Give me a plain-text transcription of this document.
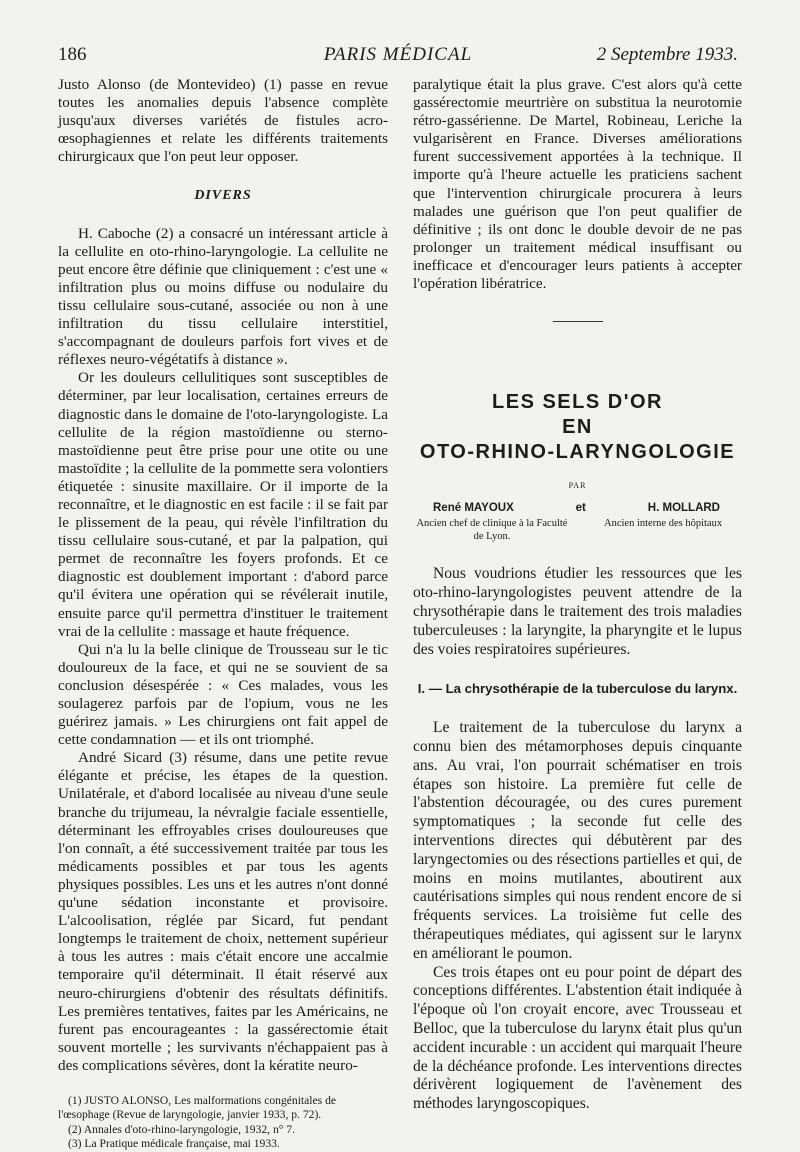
186	PARIS MÉDICAL	2 Septembre 1933.

Justo Alonso (de Montevideo) (1) passe en revue toutes les anomalies depuis l'absence complète jusqu'aux diverses variétés de fistules acro-œsophagiennes et relate les différents traitements chirurgicaux que l'on peut leur opposer.

DIVERS

H. Caboche (2) a consacré un intéressant article à la cellulite en oto-rhino-laryngologie. La cellulite ne peut encore être définie que cliniquement : c'est une « infiltration plus ou moins diffuse ou nodulaire du tissu cellulaire sous-cutané, associée ou non à une infiltration du tissu cellulaire interstitiel, s'accompagnant de douleurs parfois fort vives et de réflexes neuro-végétatifs à distance ».

Or les douleurs cellulitiques sont susceptibles de déterminer, par leur localisation, certaines erreurs de diagnostic dans le domaine de l'oto-laryngologiste. La cellulite de la région mastoïdienne ou sterno-mastoïdienne peut être prise pour une otite ou une mastoïdite ; la cellulite de la pommette sera volontiers étiquetée : sinusite maxillaire. Or il importe de la reconnaître, et le diagnostic en est facile : il se fait par le plissement de la peau, qui révèle l'infiltration du tissu cellulaire sous-cutané, et par la palpation, qui permet de reconnaître les foyers profonds. Et ce diagnostic est doublement important : d'abord parce qu'il évitera une opération qui se révélerait inutile, ensuite parce qu'il permettra d'instituer le traitement vrai de la cellulite : massage et haute fréquence.

Qui n'a lu la belle clinique de Trousseau sur le tic douloureux de la face, et qui ne se souvient de sa conclusion désespérée : « Ces malades, vous les soulagerez parfois par de l'opium, vous ne les guérirez jamais. » Les chirurgiens ont fait appel de cette condamnation — et ils ont triomphé.

André Sicard (3) résume, dans une petite revue élégante et précise, les étapes de la question. Unilatérale, et d'abord localisée au niveau d'une seule branche du trijumeau, la névralgie faciale essentielle, déterminant les effroyables crises douloureuses que l'on connaît, a été successivement traitée par tous les médicaments possibles et par tous les agents physiques possibles. Les uns et les autres n'ont donné qu'une sédation inconstante et provisoire. L'alcoolisation, réglée par Sicard, fut pendant longtemps le traitement de choix, nettement supérieur à tous les autres : mais c'était encore une accalmie temporaire qu'il déterminait. Il était réservé aux neuro-chirurgiens d'obtenir des résultats définitifs. Les premières tentatives, faites par les Américains, ne furent pas encourageantes : la gassérectomie était souvent mortelle ; les survivants n'échappaient pas à des complications sévères, dont la kératite neuro-

(1) JUSTO ALONSO, Les malformations congénitales de l'œsophage (Revue de laryngologie, janvier 1933, p. 72).
(2) Annales d'oto-rhino-laryngologie, 1932, n° 7.
(3) La Pratique médicale française, mai 1933.

paralytique était la plus grave. C'est alors qu'à cette gassérectomie meurtrière on substitua la neurotomie rétro-gassérienne. De Martel, Robineau, Leriche la vulgarisèrent en France. Diverses améliorations furent successivement apportées à la technique. Il importe qu'à l'heure actuelle les praticiens sachent que l'intervention chirurgicale procurera à leurs malades une guérison que l'on peut qualifier de définitive ; ils ont donc le double devoir de ne pas prolonger un traitement médical insuffisant ou inefficace et d'encourager leurs patients à accepter l'opération libératrice.

LES SELS D'OR
EN
OTO-RHINO-LARYNGOLOGIE
PAR
René MAYOUX	et	H. MOLLARD
Ancien chef de clinique à la Faculté de Lyon.
Ancien interne des hôpitaux

Nous voudrions étudier les ressources que les oto-rhino-laryngologistes peuvent attendre de la chrysothérapie dans le traitement des trois maladies tuberculeuses : la laryngite, la pharyngite et le lupus des voies respiratoires supérieures.

I. — La chrysothérapie de la tuberculose du larynx.

Le traitement de la tuberculose du larynx a connu bien des métamorphoses depuis cinquante ans. Au vrai, l'on pourrait schématiser en trois étapes son histoire. La première fut celle de l'abstention découragée, ou des cures purement symptomatiques ; la seconde fut celle des interventions directes qui débutèrent par des laryngectomies ou des résections partielles et qui, de moins en moins mutilantes, aboutirent aux cautérisations simples qui nous rendent encore de si fréquents services. La troisième fut celle des thérapeutiques médiates, qui agissent sur le larynx en améliorant le poumon.

Ces trois étapes ont eu pour point de départ des conceptions différentes. L'abstention était indiquée à l'époque où l'on croyait encore, avec Trousseau et Belloc, que la tuberculose du larynx était plus qu'un accident incurable : un accident qui marquait l'heure de la déchéance profonde. Les interventions directes dérivèrent logiquement de l'avènement des méthodes laryngoscopiques.
